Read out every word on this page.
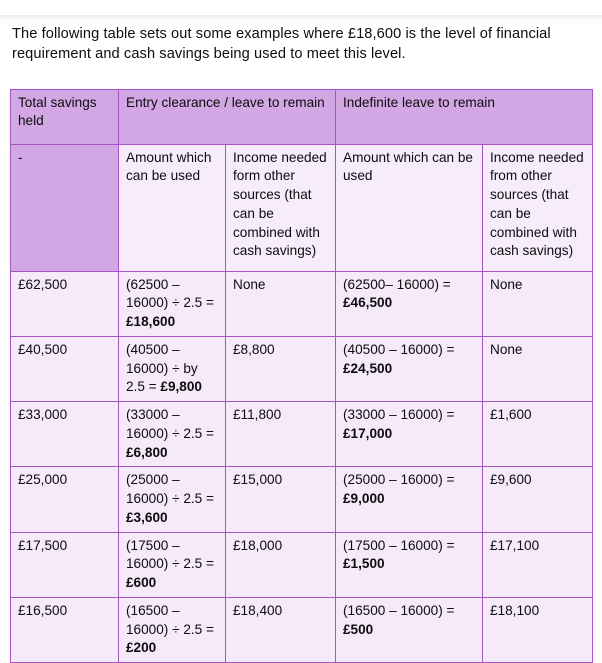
The following table sets out some examples where £18,600 is the level of financial requirement and cash savings being used to meet this level.

Total savings held	Entry clearance / leave to remain		Indefinite leave to remain	
-	Amount which can be used	Income needed form other sources (that can be combined with cash savings)	Amount which can be used	Income needed from other sources (that can be combined with cash savings)
£62,500	(62500 – 16000) ÷ 2.5 = £18,600	None	(62500– 16000) = £46,500	None
£40,500	(40500 – 16000) ÷ by 2.5 = £9,800	£8,800	(40500 – 16000) = £24,500	None
£33,000	(33000 – 16000) ÷ 2.5 = £6,800	£11,800	(33000 – 16000) = £17,000	£1,600
£25,000	(25000 – 16000) ÷ 2.5 = £3,600	£15,000	(25000 – 16000) = £9,000	£9,600
£17,500	(17500 – 16000) ÷ 2.5 = £600	£18,000	(17500 – 16000) = £1,500	£17,100
£16,500	(16500 – 16000) ÷ 2.5 = £200	£18,400	(16500 – 16000) = £500	£18,100
